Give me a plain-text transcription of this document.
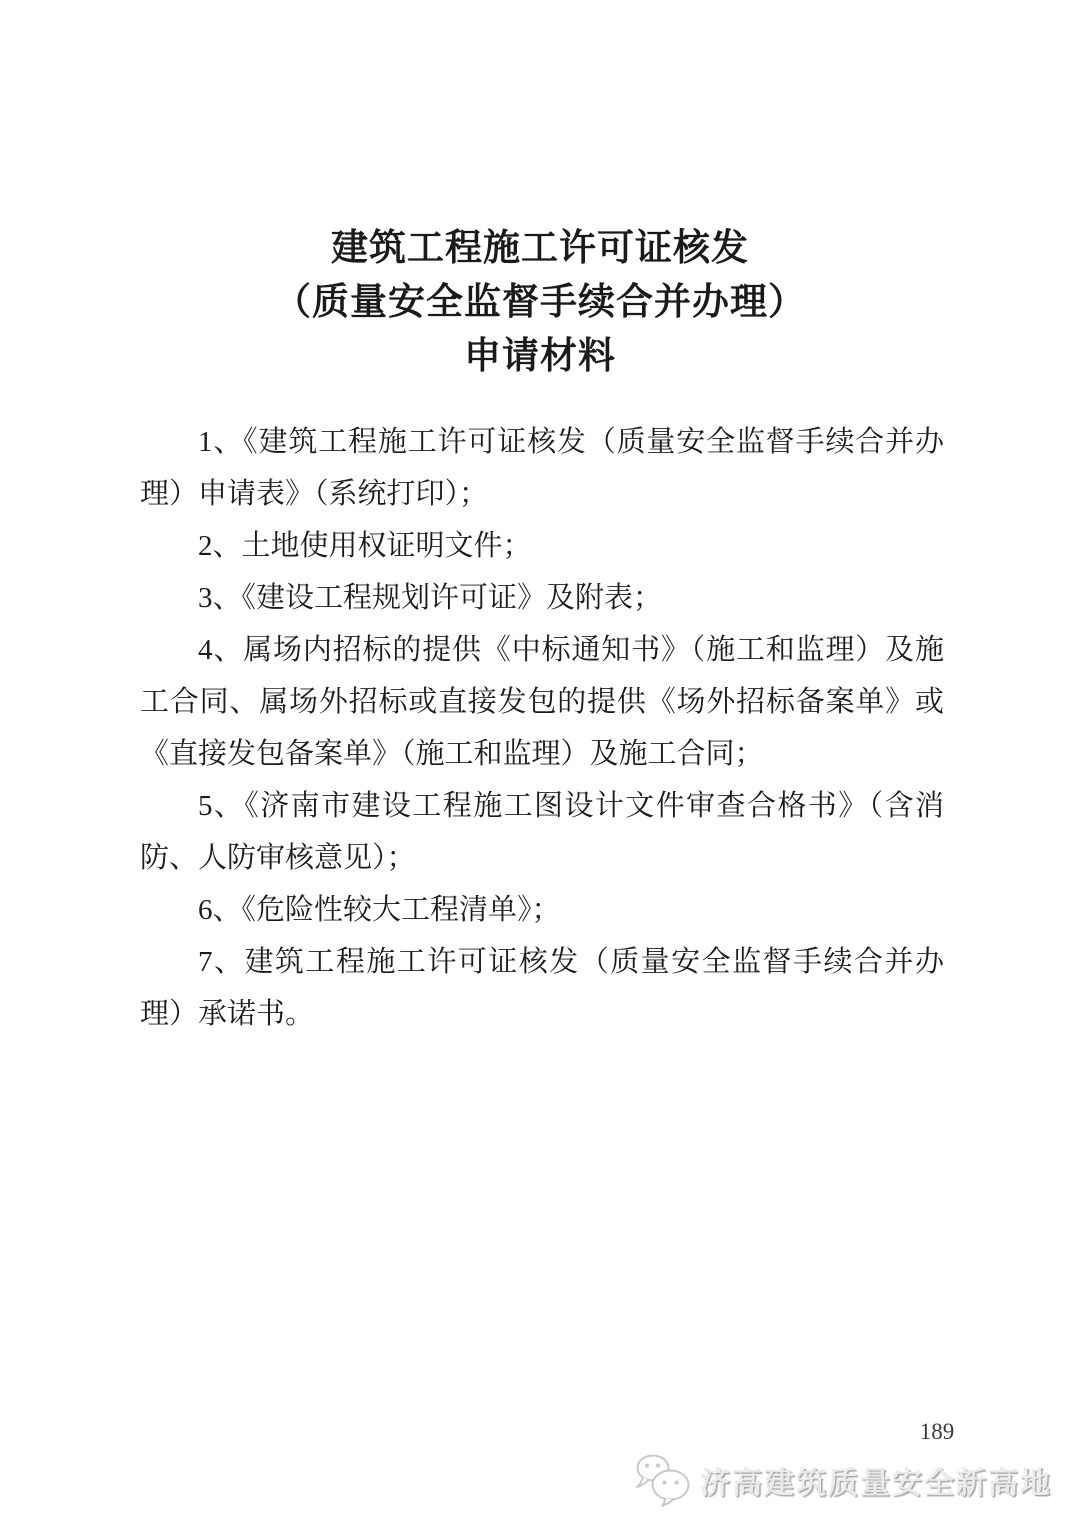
建筑工程施工许可证核发
（质量安全监督手续合并办理）
申请材料

1、《建筑工程施工许可证核发（质量安全监督手续合并办理）申请表》（系统打印）；

2、土地使用权证明文件；

3、《建设工程规划许可证》及附表；

4、属场内招标的提供《中标通知书》（施工和监理）及施工合同、属场外招标或直接发包的提供《场外招标备案单》或《直接发包备案单》（施工和监理）及施工合同；

5、《济南市建设工程施工图设计文件审查合格书》（含消防、人防审核意见）；

6、《危险性较大工程清单》；

7、建筑工程施工许可证核发（质量安全监督手续合并办理）承诺书。

189
济高建筑质量安全新高地
